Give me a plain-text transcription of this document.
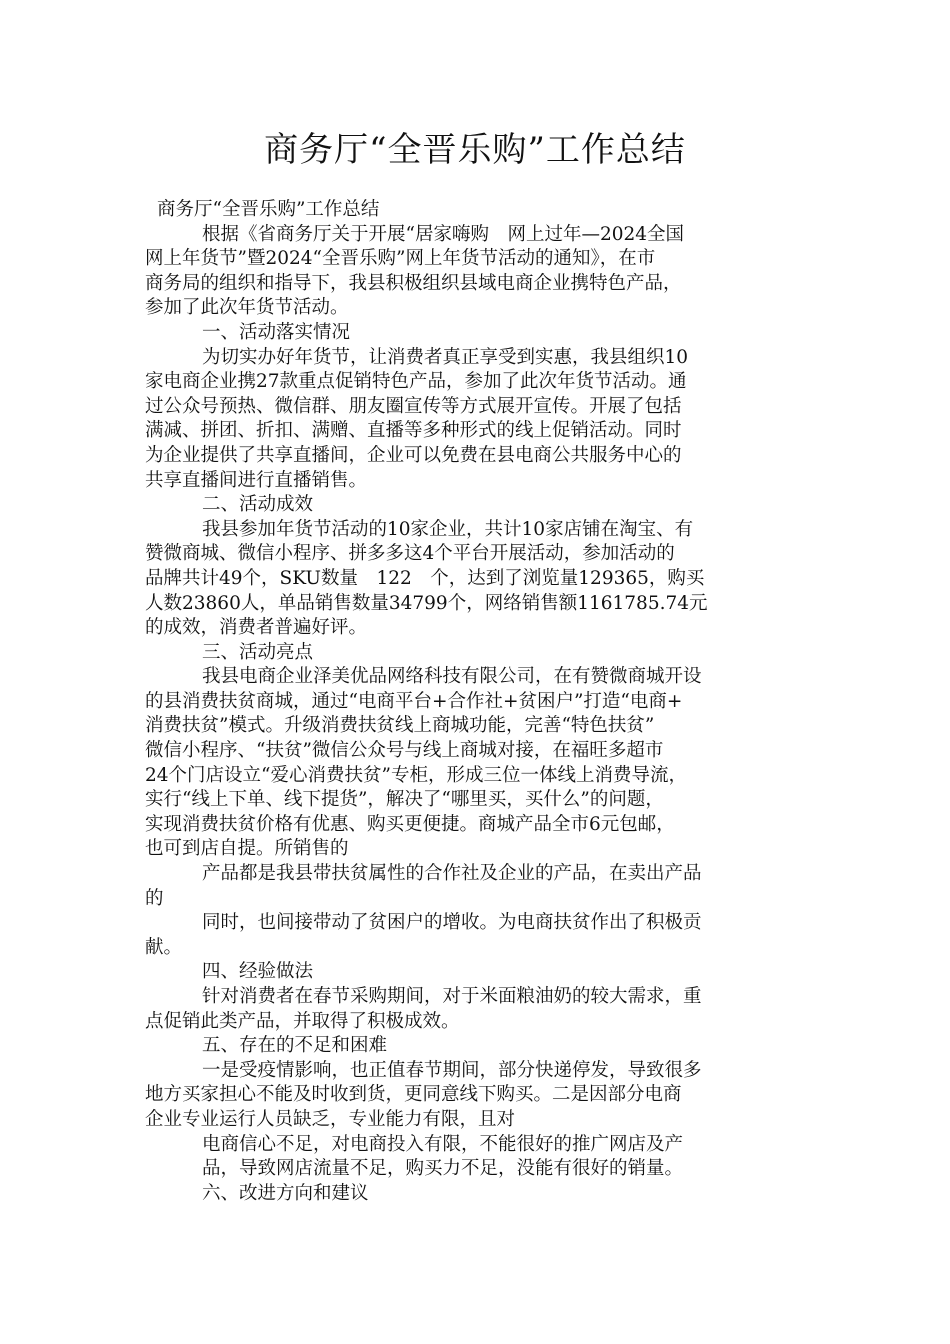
商务厅“全晋乐购”工作总结
商务厅“全晋乐购”工作总结
根据《省商务厅关于开展“居家嗨购　网上过年—2024全国
网上年货节”暨2024“全晋乐购”网上年货节活动的通知》，在市
商务局的组织和指导下，我县积极组织县域电商企业携特色产品，
参加了此次年货节活动。
一、活动落实情况
为切实办好年货节，让消费者真正享受到实惠，我县组织10
家电商企业携27款重点促销特色产品，参加了此次年货节活动。通
过公众号预热、微信群、朋友圈宣传等方式展开宣传。开展了包括
满减、拼团、折扣、满赠、直播等多种形式的线上促销活动。同时
为企业提供了共享直播间，企业可以免费在县电商公共服务中心的
共享直播间进行直播销售。
二、活动成效
我县参加年货节活动的10家企业，共计10家店铺在淘宝、有
赞微商城、微信小程序、拼多多这4个平台开展活动，参加活动的
品牌共计49个，SKU数量　122　个，达到了浏览量129365，购买
人数23860人，单品销售数量34799个，网络销售额1161785.74元
的成效，消费者普遍好评。
三、活动亮点
我县电商企业泽美优品网络科技有限公司，在有赞微商城开设
的县消费扶贫商城，通过“电商平台+合作社+贫困户”打造“电商+
消费扶贫”模式。升级消费扶贫线上商城功能，完善“特色扶贫”
微信小程序、“扶贫”微信公众号与线上商城对接，在福旺多超市
24个门店设立“爱心消费扶贫”专柜，形成三位一体线上消费导流，
实行“线上下单、线下提货”，解决了“哪里买，买什么”的问题，
实现消费扶贫价格有优惠、购买更便捷。商城产品全市6元包邮，
也可到店自提。所销售的
产品都是我县带扶贫属性的合作社及企业的产品，在卖出产品
的
同时，也间接带动了贫困户的增收。为电商扶贫作出了积极贡
献。
四、经验做法
针对消费者在春节采购期间，对于米面粮油奶的较大需求，重
点促销此类产品，并取得了积极成效。
五、存在的不足和困难
一是受疫情影响，也正值春节期间，部分快递停发，导致很多
地方买家担心不能及时收到货，更同意线下购买。二是因部分电商
企业专业运行人员缺乏，专业能力有限，且对
电商信心不足，对电商投入有限，不能很好的推广网店及产
品，导致网店流量不足，购买力不足，没能有很好的销量。
六、改进方向和建议
